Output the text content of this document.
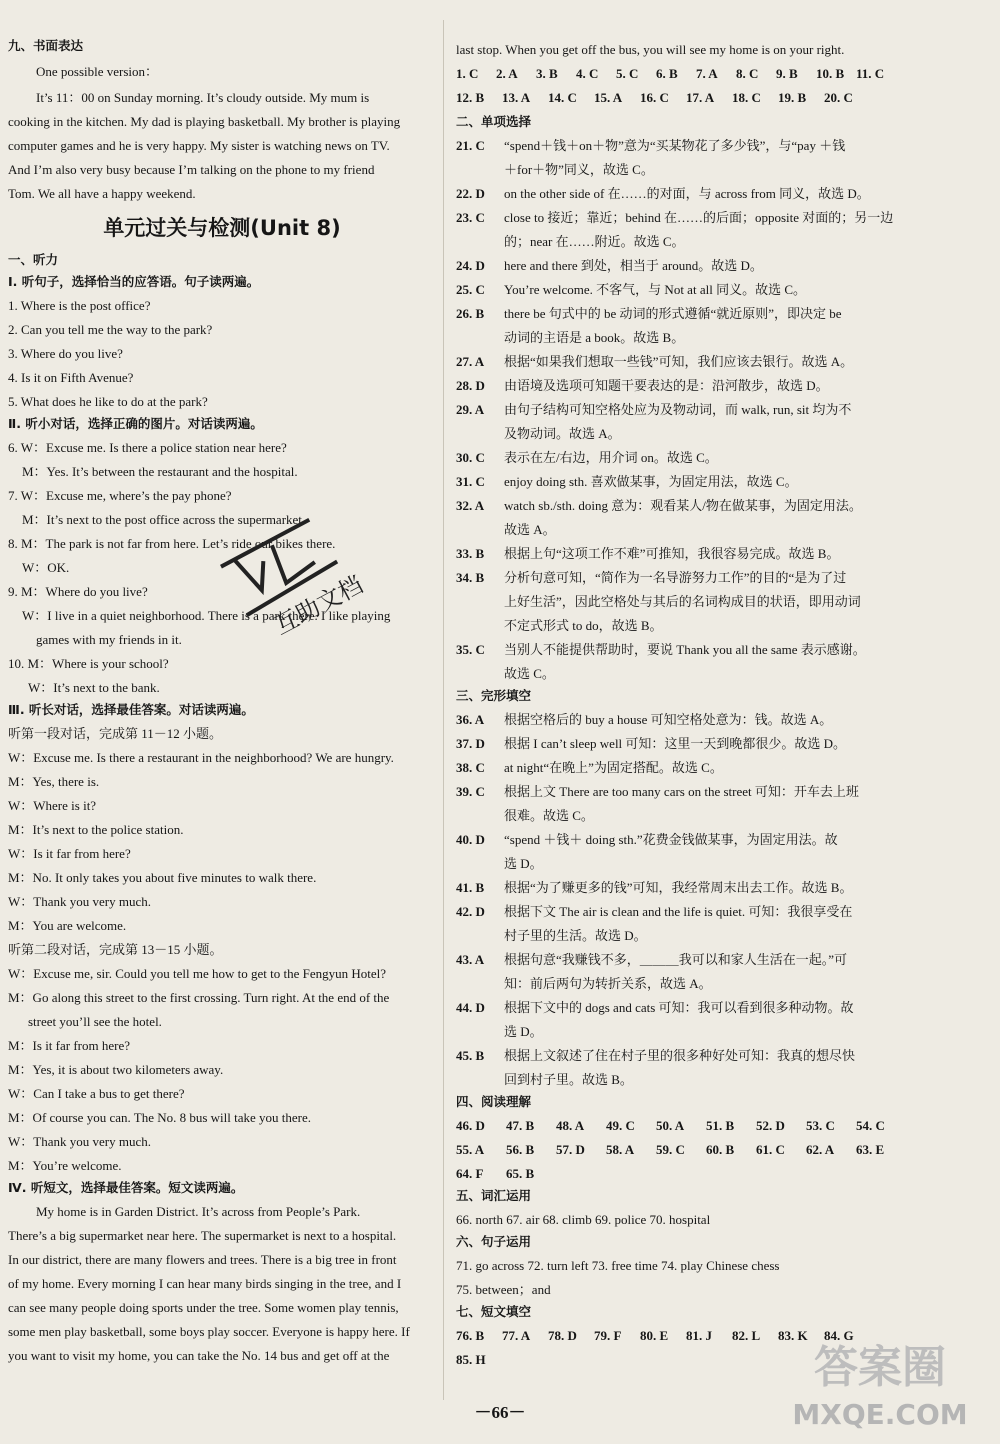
九、书面表达
One possible version：
It’s 11：00 on Sunday morning. It’s cloudy outside. My mum is
cooking in the kitchen. My dad is playing basketball. My brother is playing
computer games and he is very happy. My sister is watching news on TV.
And I’m also very busy because I’m talking on the phone to my friend
Tom. We all have a happy weekend.
单元过关与检测(Unit 8)
一、听力
Ⅰ. 听句子，选择恰当的应答语。句子读两遍。
1. Where is the post office?
2. Can you tell me the way to the park?
3. Where do you live?
4. Is it on Fifth Avenue?
5. What does he like to do at the park?
Ⅱ. 听小对话，选择正确的图片。对话读两遍。
6. W：Excuse me. Is there a police station near here?
M：Yes. It’s between the restaurant and the hospital.
7. W：Excuse me, where’s the pay phone?
M：It’s next to the post office across the supermarket.
8. M：The park is not far from here. Let’s ride our bikes there.
W：OK.
9. M：Where do you live?
W：I live in a quiet neighborhood. There is a park there. I like playing
games with my friends in it.
10. M：Where is your school?
W：It’s next to the bank.
Ⅲ. 听长对话，选择最佳答案。对话读两遍。
听第一段对话，完成第 11－12 小题。
W：Excuse me. Is there a restaurant in the neighborhood? We are hungry.
M：Yes, there is.
W：Where is it?
M：It’s next to the police station.
W：Is it far from here?
M：No. It only takes you about five minutes to walk there.
W：Thank you very much.
M：You are welcome.
听第二段对话，完成第 13－15 小题。
W：Excuse me, sir. Could you tell me how to get to the Fengyun Hotel?
M：Go along this street to the first crossing. Turn right. At the end of the
street you’ll see the hotel.
M：Is it far from here?
M：Yes, it is about two kilometers away.
W：Can I take a bus to get there?
M：Of course you can. The No. 8 bus will take you there.
W：Thank you very much.
M：You’re welcome.
Ⅳ. 听短文，选择最佳答案。短文读两遍。
My home is in Garden District. It’s across from People’s Park.
There’s a big supermarket near here. The supermarket is next to a hospital.
In our district, there are many flowers and trees. There is a big tree in front
of my home. Every morning I can hear many birds singing in the tree, and I
can see many people doing sports under the tree. Some women play tennis,
some men play basketball, some boys play soccer. Everyone is happy here. If
you want to visit my home, you can take the No. 14 bus and get off at the
互助文档
last stop. When you get off the bus, you will see my home is on your right.
1. C 2. A 3. B 4. C 5. C 6. B 7. A 8. C 9. B 10. B 11. C
12. B 13. A 14. C 15. A 16. C 17. A 18. C 19. B 20. C
二、单项选择
21. C “spend＋钱＋on＋物”意为“买某物花了多少钱”，与“pay ＋钱
＋for＋物”同义，故选 C。
22. D on the other side of 在……的对面，与 across from 同义，故选 D。
23. C close to 接近；靠近；behind 在……的后面；opposite 对面的；另一边
的；near 在……附近。故选 C。
24. D here and there 到处，相当于 around。故选 D。
25. C You’re welcome. 不客气，与 Not at all 同义。故选 C。
26. B there be 句式中的 be 动词的形式遵循“就近原则”，即决定 be
动词的主语是 a book。故选 B。
27. A 根据“如果我们想取一些钱”可知，我们应该去银行。故选 A。
28. D 由语境及选项可知题干要表达的是：沿河散步，故选 D。
29. A 由句子结构可知空格处应为及物动词，而 walk, run, sit 均为不
及物动词。故选 A。
30. C 表示在左/右边，用介词 on。故选 C。
31. C enjoy doing sth. 喜欢做某事，为固定用法，故选 C。
32. A watch sb./sth. doing 意为：观看某人/物在做某事，为固定用法。
故选 A。
33. B 根据上句“这项工作不难”可推知，我很容易完成。故选 B。
34. B 分析句意可知，“简作为一名导游努力工作”的目的“是为了过
上好生活”，因此空格处与其后的名词构成目的状语，即用动词
不定式形式 to do，故选 B。
35. C 当别人不能提供帮助时，要说 Thank you all the same 表示感谢。
故选 C。
三、完形填空
36. A 根据空格后的 buy a house 可知空格处意为：钱。故选 A。
37. D 根据 I can’t sleep well 可知：这里一天到晚都很少。故选 D。
38. C at night“在晚上”为固定搭配。故选 C。
39. C 根据上文 There are too many cars on the street 可知：开车去上班
很难。故选 C。
40. D “spend ＋钱＋ doing sth.”花费金钱做某事，为固定用法。故
选 D。
41. B 根据“为了赚更多的钱”可知，我经常周末出去工作。故选 B。
42. D 根据下文 The air is clean and the life is quiet. 可知：我很享受在
村子里的生活。故选 D。
43. A 根据句意“我赚钱不多，＿＿＿我可以和家人生活在一起。”可
知：前后两句为转折关系，故选 A。
44. D 根据下文中的 dogs and cats 可知：我可以看到很多种动物。故
选 D。
45. B 根据上文叙述了住在村子里的很多种好处可知：我真的想尽快
回到村子里。故选 B。
四、阅读理解
46. D 47. B 48. A 49. C 50. A 51. B 52. D 53. C 54. C
55. A 56. B 57. D 58. A 59. C 60. B 61. C 62. A 63. E
64. F 65. B
五、词汇运用
66. north 67. air 68. climb 69. police 70. hospital
六、句子运用
71. go across 72. turn left 73. free time 74. play Chinese chess
75. between；and
七、短文填空
76. B 77. A 78. D 79. F 80. E 81. J 82. L 83. K 84. G
85. H
－66－
答案圈
MXQE.COM
